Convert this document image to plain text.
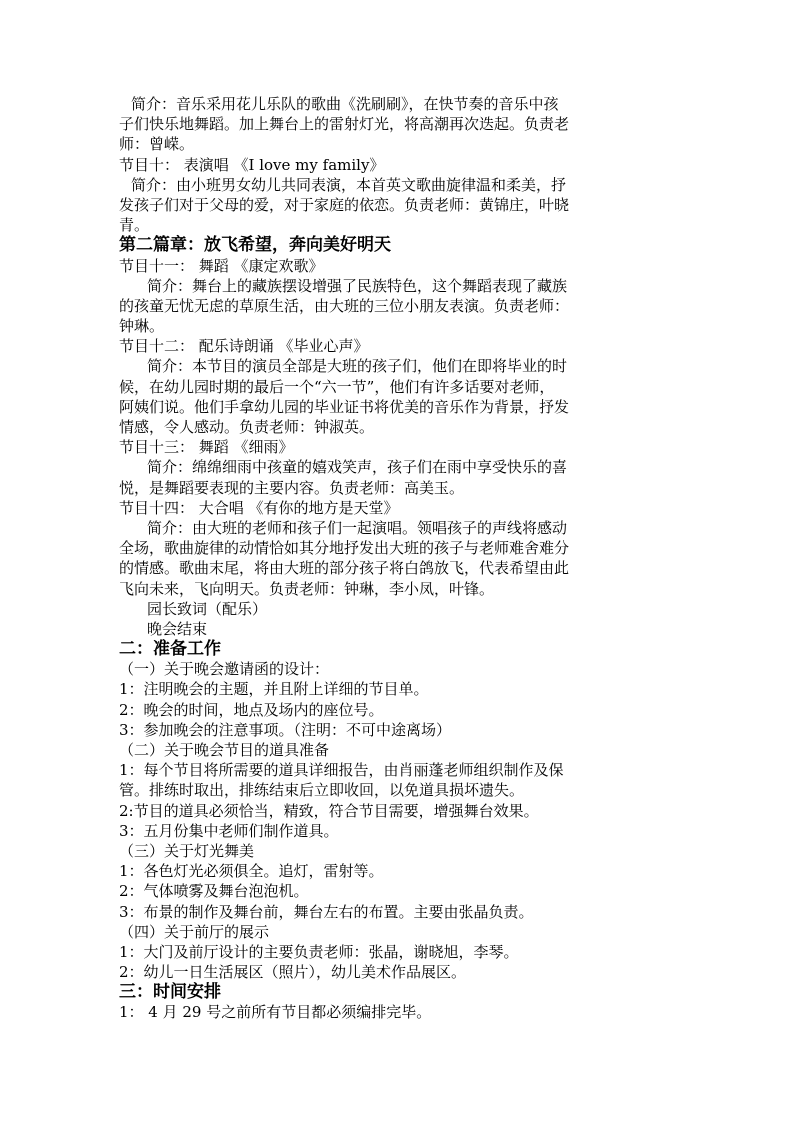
简介：音乐采用花儿乐队的歌曲《洗刷刷》，在快节奏的音乐中孩

子们快乐地舞蹈。加上舞台上的雷射灯光，将高潮再次迭起。负责老

师：曾嵘。

节目十： 表演唱 《I love my family》

简介：由小班男女幼儿共同表演，本首英文歌曲旋律温和柔美，抒

发孩子们对于父母的爱，对于家庭的依恋。负责老师：黄锦庄，叶晓

青。

第二篇章：放飞希望，奔向美好明天

节目十一： 舞蹈 《康定欢歌》

简介：舞台上的藏族摆设增强了民族特色，这个舞蹈表现了藏族

的孩童无忧无虑的草原生活，由大班的三位小朋友表演。负责老师：

钟琳。

节目十二： 配乐诗朗诵 《毕业心声》

简介：本节目的演员全部是大班的孩子们，他们在即将毕业的时

候，在幼儿园时期的最后一个“六一节”，他们有许多话要对老师，

阿姨们说。他们手拿幼儿园的毕业证书将优美的音乐作为背景，抒发

情感，令人感动。负责老师：钟淑英。

节目十三： 舞蹈 《细雨》

简介：绵绵细雨中孩童的嬉戏笑声，孩子们在雨中享受快乐的喜

悦，是舞蹈要表现的主要内容。负责老师：高美玉。

节目十四： 大合唱 《有你的地方是天堂》

简介：由大班的老师和孩子们一起演唱。领唱孩子的声线将感动

全场，歌曲旋律的动情恰如其分地抒发出大班的孩子与老师难舍难分

的情感。歌曲末尾，将由大班的部分孩子将白鸽放飞，代表希望由此

飞向未来，飞向明天。负责老师：钟琳，李小凤，叶锋。

园长致词（配乐）

晚会结束

二：准备工作

（一）关于晚会邀请函的设计：

1：注明晚会的主题，并且附上详细的节目单。

2：晚会的时间，地点及场内的座位号。

3：参加晚会的注意事项。（注明：不可中途离场）

（二）关于晚会节目的道具准备

1：每个节目将所需要的道具详细报告，由肖丽蓬老师组织制作及保

管。排练时取出，排练结束后立即收回，以免道具损坏遗失。

2:节目的道具必须恰当，精致，符合节目需要，增强舞台效果。

3：五月份集中老师们制作道具。

（三）关于灯光舞美

1：各色灯光必须俱全。追灯，雷射等。

2：气体喷雾及舞台泡泡机。

3：布景的制作及舞台前，舞台左右的布置。主要由张晶负责。

（四）关于前厅的展示

1：大门及前厅设计的主要负责老师：张晶，谢晓旭，李琴。

2：幼儿一日生活展区（照片），幼儿美术作品展区。

三：时间安排

1： 4 月 29 号之前所有节目都必须编排完毕。
